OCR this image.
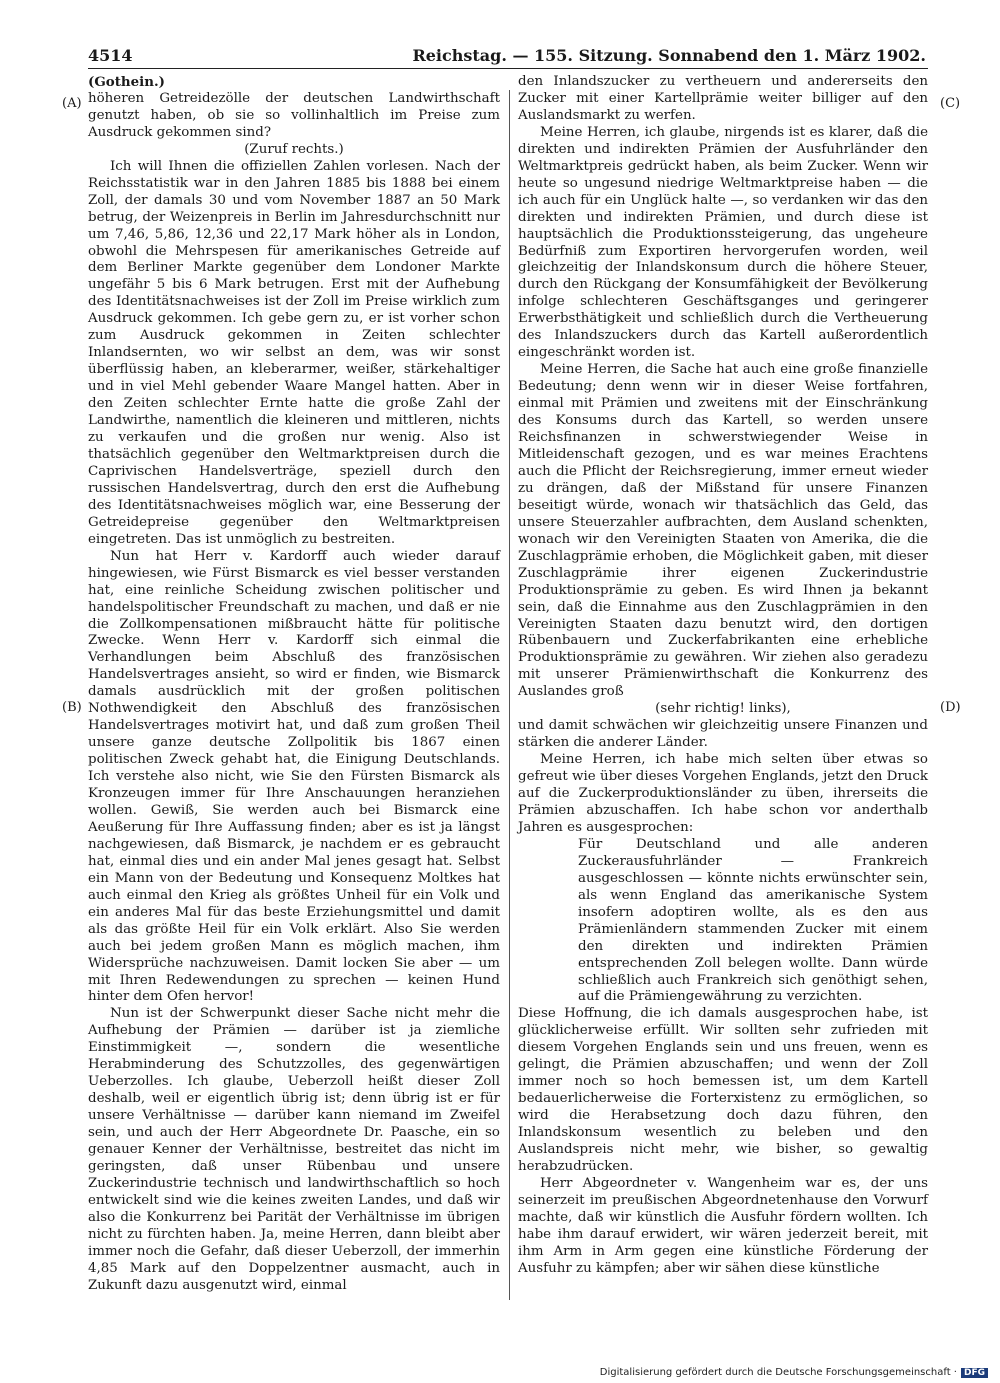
4514	Reichstag. — 155. Sitzung. Sonnabend den 1. März 1902.
(A)
(B)
(C)
(D)

(Gothein.)

höheren Getreidezölle der deutschen Landwirthschaft genutzt haben, ob sie so vollinhaltlich im Preise zum Ausdruck gekommen sind?

(Zuruf rechts.)

Ich will Ihnen die offiziellen Zahlen vorlesen. Nach der Reichsstatistik war in den Jahren 1885 bis 1888 bei einem Zoll, der damals 30 und vom November 1887 an 50 Mark betrug, der Weizenpreis in Berlin im Jahresdurchschnitt nur um 7,46, 5,86, 12,36 und 22,17 Mark höher als in London, obwohl die Mehrspesen für amerikanisches Getreide auf dem Berliner Markte gegenüber dem Londoner Markte ungefähr 5 bis 6 Mark betrugen. Erst mit der Aufhebung des Identitätsnachweises ist der Zoll im Preise wirklich zum Ausdruck gekommen. Ich gebe gern zu, er ist vorher schon zum Ausdruck gekommen in Zeiten schlechter Inlandsernten, wo wir selbst an dem, was wir sonst überflüssig haben, an kleberarmer, weißer, stärkehaltiger und in viel Mehl gebender Waare Mangel hatten. Aber in den Zeiten schlechter Ernte hatte die große Zahl der Landwirthe, namentlich die kleineren und mittleren, nichts zu verkaufen und die großen nur wenig. Also ist thatsächlich gegenüber den Weltmarktpreisen durch die Caprivischen Handelsverträge, speziell durch den russischen Handelsvertrag, durch den erst die Aufhebung des Identitätsnachweises möglich war, eine Besserung der Getreidepreise gegenüber den Weltmarktpreisen eingetreten. Das ist unmöglich zu bestreiten.

Nun hat Herr v. Kardorff auch wieder darauf hingewiesen, wie Fürst Bismarck es viel besser verstanden hat, eine reinliche Scheidung zwischen politischer und handelspolitischer Freundschaft zu machen, und daß er nie die Zollkompensationen mißbraucht hätte für politische Zwecke. Wenn Herr v. Kardorff sich einmal die Verhandlungen beim Abschluß des französischen Handelsvertrages ansieht, so wird er finden, wie Bismarck damals ausdrücklich mit der großen politischen Nothwendigkeit den Abschluß des französischen Handelsvertrages motivirt hat, und daß zum großen Theil unsere ganze deutsche Zollpolitik bis 1867 einen politischen Zweck gehabt hat, die Einigung Deutschlands. Ich verstehe also nicht, wie Sie den Fürsten Bismarck als Kronzeugen immer für Ihre Anschauungen heranziehen wollen. Gewiß, Sie werden auch bei Bismarck eine Aeußerung für Ihre Auffassung finden; aber es ist ja längst nachgewiesen, daß Bismarck, je nachdem er es gebraucht hat, einmal dies und ein ander Mal jenes gesagt hat. Selbst ein Mann von der Bedeutung und Konsequenz Moltkes hat auch einmal den Krieg als größtes Unheil für ein Volk und ein anderes Mal für das beste Erziehungsmittel und damit als das größte Heil für ein Volk erklärt. Also Sie werden auch bei jedem großen Mann es möglich machen, ihm Widersprüche nachzuweisen. Damit locken Sie aber — um mit Ihren Redewendungen zu sprechen — keinen Hund hinter dem Ofen hervor!

Nun ist der Schwerpunkt dieser Sache nicht mehr die Aufhebung der Prämien — darüber ist ja ziemliche Einstimmigkeit —, sondern die wesentliche Herabminderung des Schutzzolles, des gegenwärtigen Ueberzolles. Ich glaube, Ueberzoll heißt dieser Zoll deshalb, weil er eigentlich übrig ist; denn übrig ist er für unsere Verhältnisse — darüber kann niemand im Zweifel sein, und auch der Herr Abgeordnete Dr. Paasche, ein so genauer Kenner der Verhältnisse, bestreitet das nicht im geringsten, daß unser Rübenbau und unsere Zuckerindustrie technisch und landwirthschaftlich so hoch entwickelt sind wie die keines zweiten Landes, und daß wir also die Konkurrenz bei Parität der Verhältnisse im übrigen nicht zu fürchten haben. Ja, meine Herren, dann bleibt aber immer noch die Gefahr, daß dieser Ueberzoll, der immerhin 4,85 Mark auf den Doppelzentner ausmacht, auch in Zukunft dazu ausgenutzt wird, einmal

den Inlandszucker zu vertheuern und andererseits den Zucker mit einer Kartellprämie weiter billiger auf den Auslandsmarkt zu werfen.

Meine Herren, ich glaube, nirgends ist es klarer, daß die direkten und indirekten Prämien der Ausfuhrländer den Weltmarktpreis gedrückt haben, als beim Zucker. Wenn wir heute so ungesund niedrige Weltmarktpreise haben — die ich auch für ein Unglück halte —, so verdanken wir das den direkten und indirekten Prämien, und durch diese ist hauptsächlich die Produktionssteigerung, das ungeheure Bedürfniß zum Exportiren hervorgerufen worden, weil gleichzeitig der Inlandskonsum durch die höhere Steuer, durch den Rückgang der Konsumfähigkeit der Bevölkerung infolge schlechteren Geschäftsganges und geringerer Erwerbsthätigkeit und schließlich durch die Vertheuerung des Inlandszuckers durch das Kartell außerordentlich eingeschränkt worden ist.

Meine Herren, die Sache hat auch eine große finanzielle Bedeutung; denn wenn wir in dieser Weise fortfahren, einmal mit Prämien und zweitens mit der Einschränkung des Konsums durch das Kartell, so werden unsere Reichsfinanzen in schwerstwiegender Weise in Mitleidenschaft gezogen, und es war meines Erachtens auch die Pflicht der Reichsregierung, immer erneut wieder zu drängen, daß der Mißstand für unsere Finanzen beseitigt würde, wonach wir thatsächlich das Geld, das unsere Steuerzahler aufbrachten, dem Ausland schenkten, wonach wir den Vereinigten Staaten von Amerika, die die Zuschlagprämie erhoben, die Möglichkeit gaben, mit dieser Zuschlagprämie ihrer eigenen Zuckerindustrie Produktionsprämie zu geben. Es wird Ihnen ja bekannt sein, daß die Einnahme aus den Zuschlagprämien in den Vereinigten Staaten dazu benutzt wird, den dortigen Rübenbauern und Zuckerfabrikanten eine erhebliche Produktionsprämie zu gewähren. Wir ziehen also geradezu mit unserer Prämienwirthschaft die Konkurrenz des Auslandes groß

(sehr richtig! links),

und damit schwächen wir gleichzeitig unsere Finanzen und stärken die anderer Länder.

Meine Herren, ich habe mich selten über etwas so gefreut wie über dieses Vorgehen Englands, jetzt den Druck auf die Zuckerproduktionsländer zu üben, ihrerseits die Prämien abzuschaffen. Ich habe schon vor anderthalb Jahren es ausgesprochen:

Für Deutschland und alle anderen Zuckerausfuhrländer — Frankreich ausgeschlossen — könnte nichts erwünschter sein, als wenn England das amerikanische System insofern adoptiren wollte, als es den aus Prämienländern stammenden Zucker mit einem den direkten und indirekten Prämien entsprechenden Zoll belegen wollte. Dann würde schließlich auch Frankreich sich genöthigt sehen, auf die Prämiengewährung zu verzichten.

Diese Hoffnung, die ich damals ausgesprochen habe, ist glücklicherweise erfüllt. Wir sollten sehr zufrieden mit diesem Vorgehen Englands sein und uns freuen, wenn es gelingt, die Prämien abzuschaffen; und wenn der Zoll immer noch so hoch bemessen ist, um dem Kartell bedauerlicherweise die Forterxistenz zu ermöglichen, so wird die Herabsetzung doch dazu führen, den Inlandskonsum wesentlich zu beleben und den Auslandspreis nicht mehr, wie bisher, so gewaltig herabzudrücken.

Herr Abgeordneter v. Wangenheim war es, der uns seinerzeit im preußischen Abgeordnetenhause den Vorwurf machte, daß wir künstlich die Ausfuhr fördern wollten. Ich habe ihm darauf erwidert, wir wären jederzeit bereit, mit ihm Arm in Arm gegen eine künstliche Förderung der Ausfuhr zu kämpfen; aber wir sähen diese künstliche

Digitalisierung gefördert durch die Deutsche Forschungsgemeinschaft · DFG
